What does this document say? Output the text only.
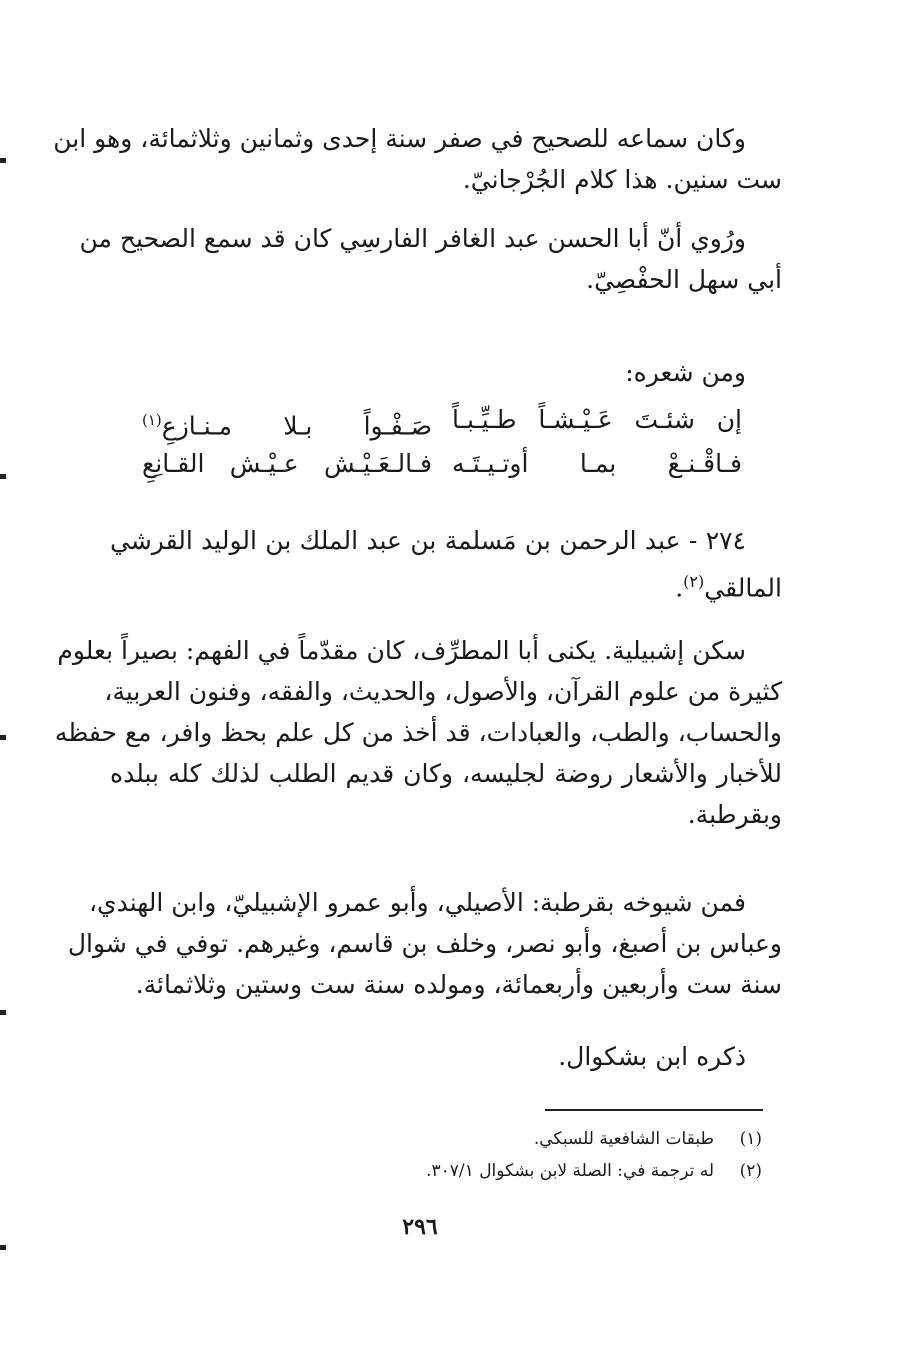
وكان سماعه للصحيح في صفر سنة إحدى وثمانين وثلاثمائة، وهو ابن
ست سنين. هذا كلام الجُرْجانيّ.
ورُوي أنّ أبا الحسن عبد الغافر الفارسِي كان قد سمع الصحيح من
أبي سهل الحفْصِيّ.
ومن شعره:
إن شئـتَ عَـيْـشـاً طـيِّـبـاً
صَـفْـواً بـلا مـنـازعِ$^{(١)}$
فـاقْـنـعْ بمـا أوتـيـتَـه
فـالـعَـيْـش عـيْـش القـانِعِ
٢٧٤ - عبد الرحمن بن مَسلمة بن عبد الملك بن الوليد القرشي
المالقي$^{(٢)}$.
سكن إشبيلية. يكنى أبا المطرِّف، كان مقدّماً في الفهم: بصيراً بعلوم
كثيرة من علوم القرآن، والأصول، والحديث، والفقه، وفنون العربية،
والحساب، والطب، والعبادات، قد أخذ من كل علم بحظ وافر، مع حفظه
للأخبار والأشعار روضة لجليسه، وكان قديم الطلب لذلك كله ببلده
وبقرطبة.
فمن شيوخه بقرطبة: الأصيلي، وأبو عمرو الإشبيليّ، وابن الهندي،
وعباس بن أصبغ، وأبو نصر، وخلف بن قاسم، وغيرهم. توفي في شوال
سنة ست وأربعين وأربعمائة، ومولده سنة ست وستين وثلاثمائة.
ذكره ابن بشكوال.
(١)طبقات الشافعية للسبكي.
(٢)له ترجمة في: الصلة لابن بشكوال ٣٠٧/١.
٢٩٦
